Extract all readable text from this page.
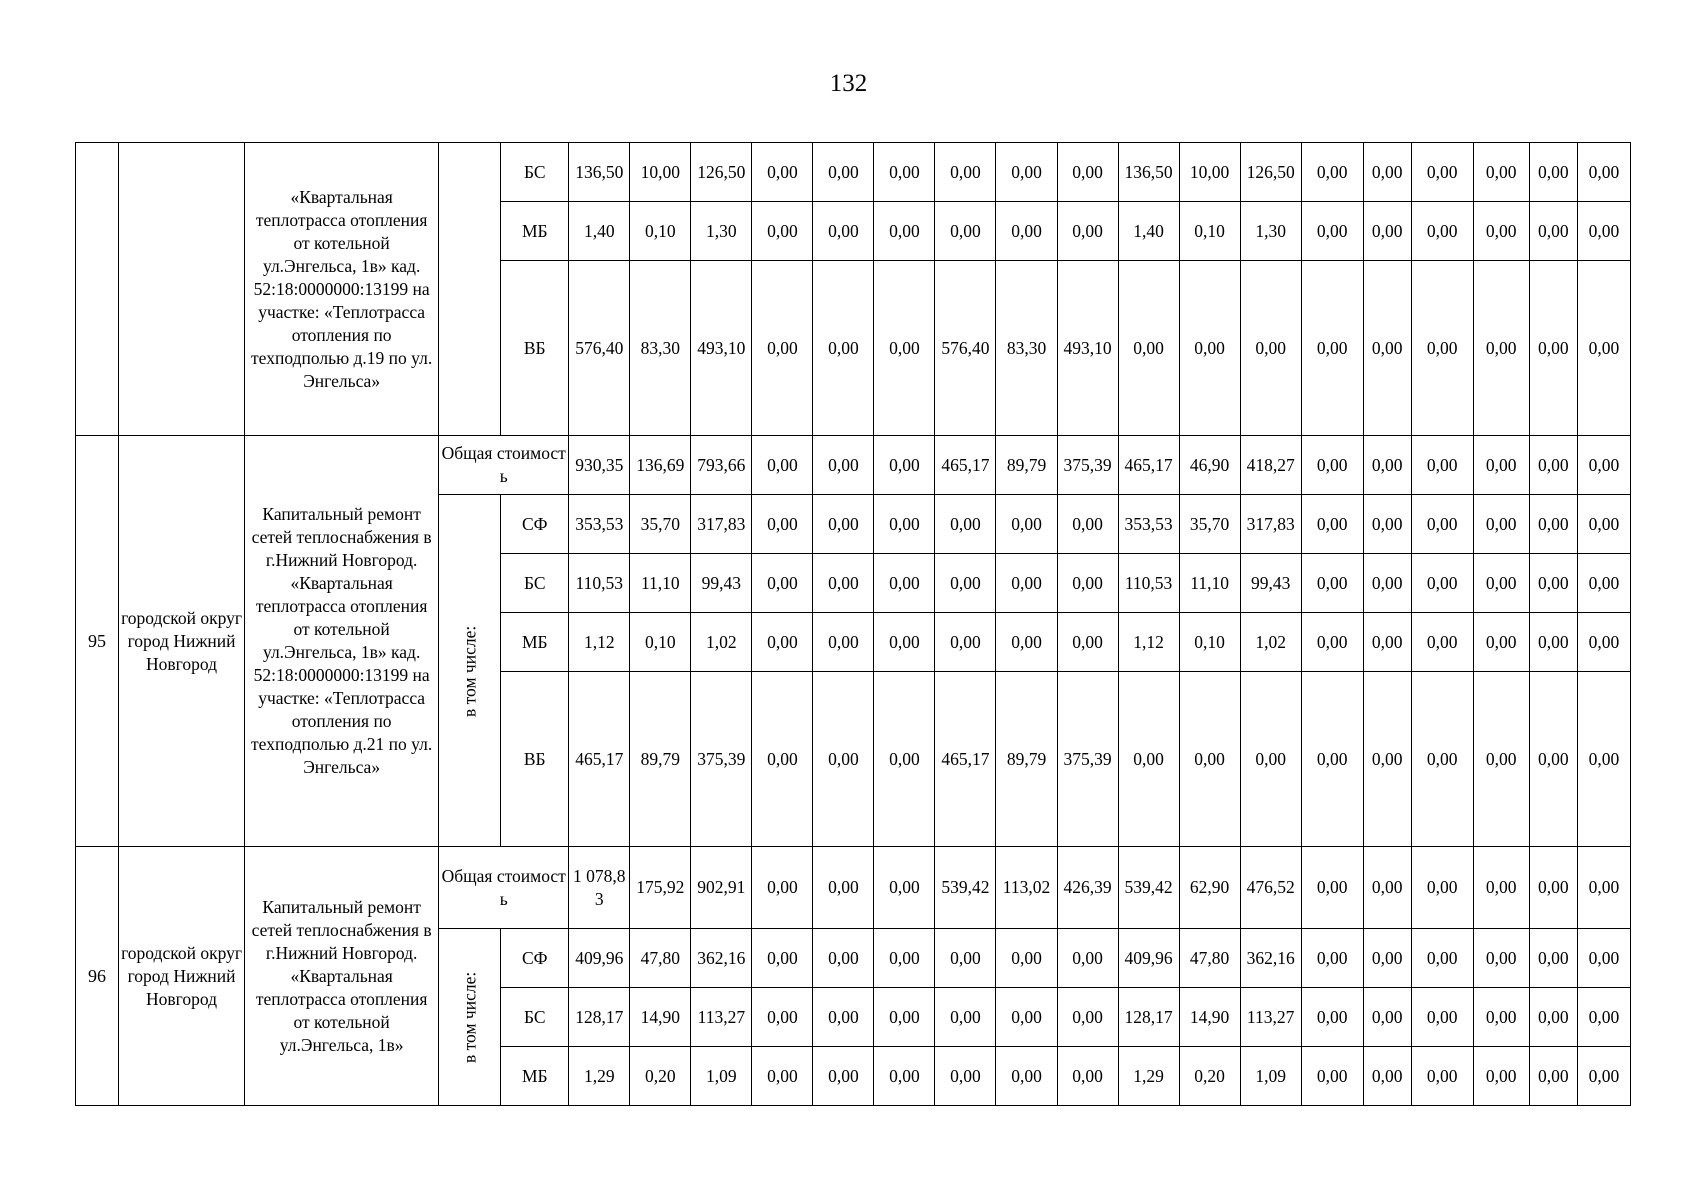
132
		«Квартальная теплотрасса отопления от котельной ул.Энгельса, 1в» кад. 52:18:0000000:13199 на участке: «Теплотрасса отопления по техподполью д.19 по ул. Энгельса»		БС	136,50	10,00	126,50	0,00	0,00	0,00	0,00	0,00	0,00	136,50	10,00	126,50	0,00	0,00	0,00	0,00	0,00	0,00
				МБ	1,40	0,10	1,30	0,00	0,00	0,00	0,00	0,00	0,00	1,40	0,10	1,30	0,00	0,00	0,00	0,00	0,00	0,00
				ВБ	576,40	83,30	493,10	0,00	0,00	0,00	576,40	83,30	493,10	0,00	0,00	0,00	0,00	0,00	0,00	0,00	0,00	0,00
95	городской округ город Нижний Новгород	Капитальный ремонт сетей теплоснабжения в г.Нижний Новгород. «Квартальная теплотрасса отопления от котельной ул.Энгельса, 1в» кад. 52:18:0000000:13199 на участке: «Теплотрасса отопления по техподполью д.21 по ул. Энгельса»	Общая стоимость		930,35	136,69	793,66	0,00	0,00	0,00	465,17	89,79	375,39	465,17	46,90	418,27	0,00	0,00	0,00	0,00	0,00	0,00
			в том числе:	СФ	353,53	35,70	317,83	0,00	0,00	0,00	0,00	0,00	0,00	353,53	35,70	317,83	0,00	0,00	0,00	0,00	0,00	0,00
				БС	110,53	11,10	99,43	0,00	0,00	0,00	0,00	0,00	0,00	110,53	11,10	99,43	0,00	0,00	0,00	0,00	0,00	0,00
				МБ	1,12	0,10	1,02	0,00	0,00	0,00	0,00	0,00	0,00	1,12	0,10	1,02	0,00	0,00	0,00	0,00	0,00	0,00
				ВБ	465,17	89,79	375,39	0,00	0,00	0,00	465,17	89,79	375,39	0,00	0,00	0,00	0,00	0,00	0,00	0,00	0,00	0,00
96	городской округ город Нижний Новгород	Капитальный ремонт сетей теплоснабжения в г.Нижний Новгород. «Квартальная теплотрасса отопления от котельной ул.Энгельса, 1в»	Общая стоимость		1 078,83	175,92	902,91	0,00	0,00	0,00	539,42	113,02	426,39	539,42	62,90	476,52	0,00	0,00	0,00	0,00	0,00	0,00
			в том числе:	СФ	409,96	47,80	362,16	0,00	0,00	0,00	0,00	0,00	0,00	409,96	47,80	362,16	0,00	0,00	0,00	0,00	0,00	0,00
				БС	128,17	14,90	113,27	0,00	0,00	0,00	0,00	0,00	0,00	128,17	14,90	113,27	0,00	0,00	0,00	0,00	0,00	0,00
				МБ	1,29	0,20	1,09	0,00	0,00	0,00	0,00	0,00	0,00	1,29	0,20	1,09	0,00	0,00	0,00	0,00	0,00	0,00
